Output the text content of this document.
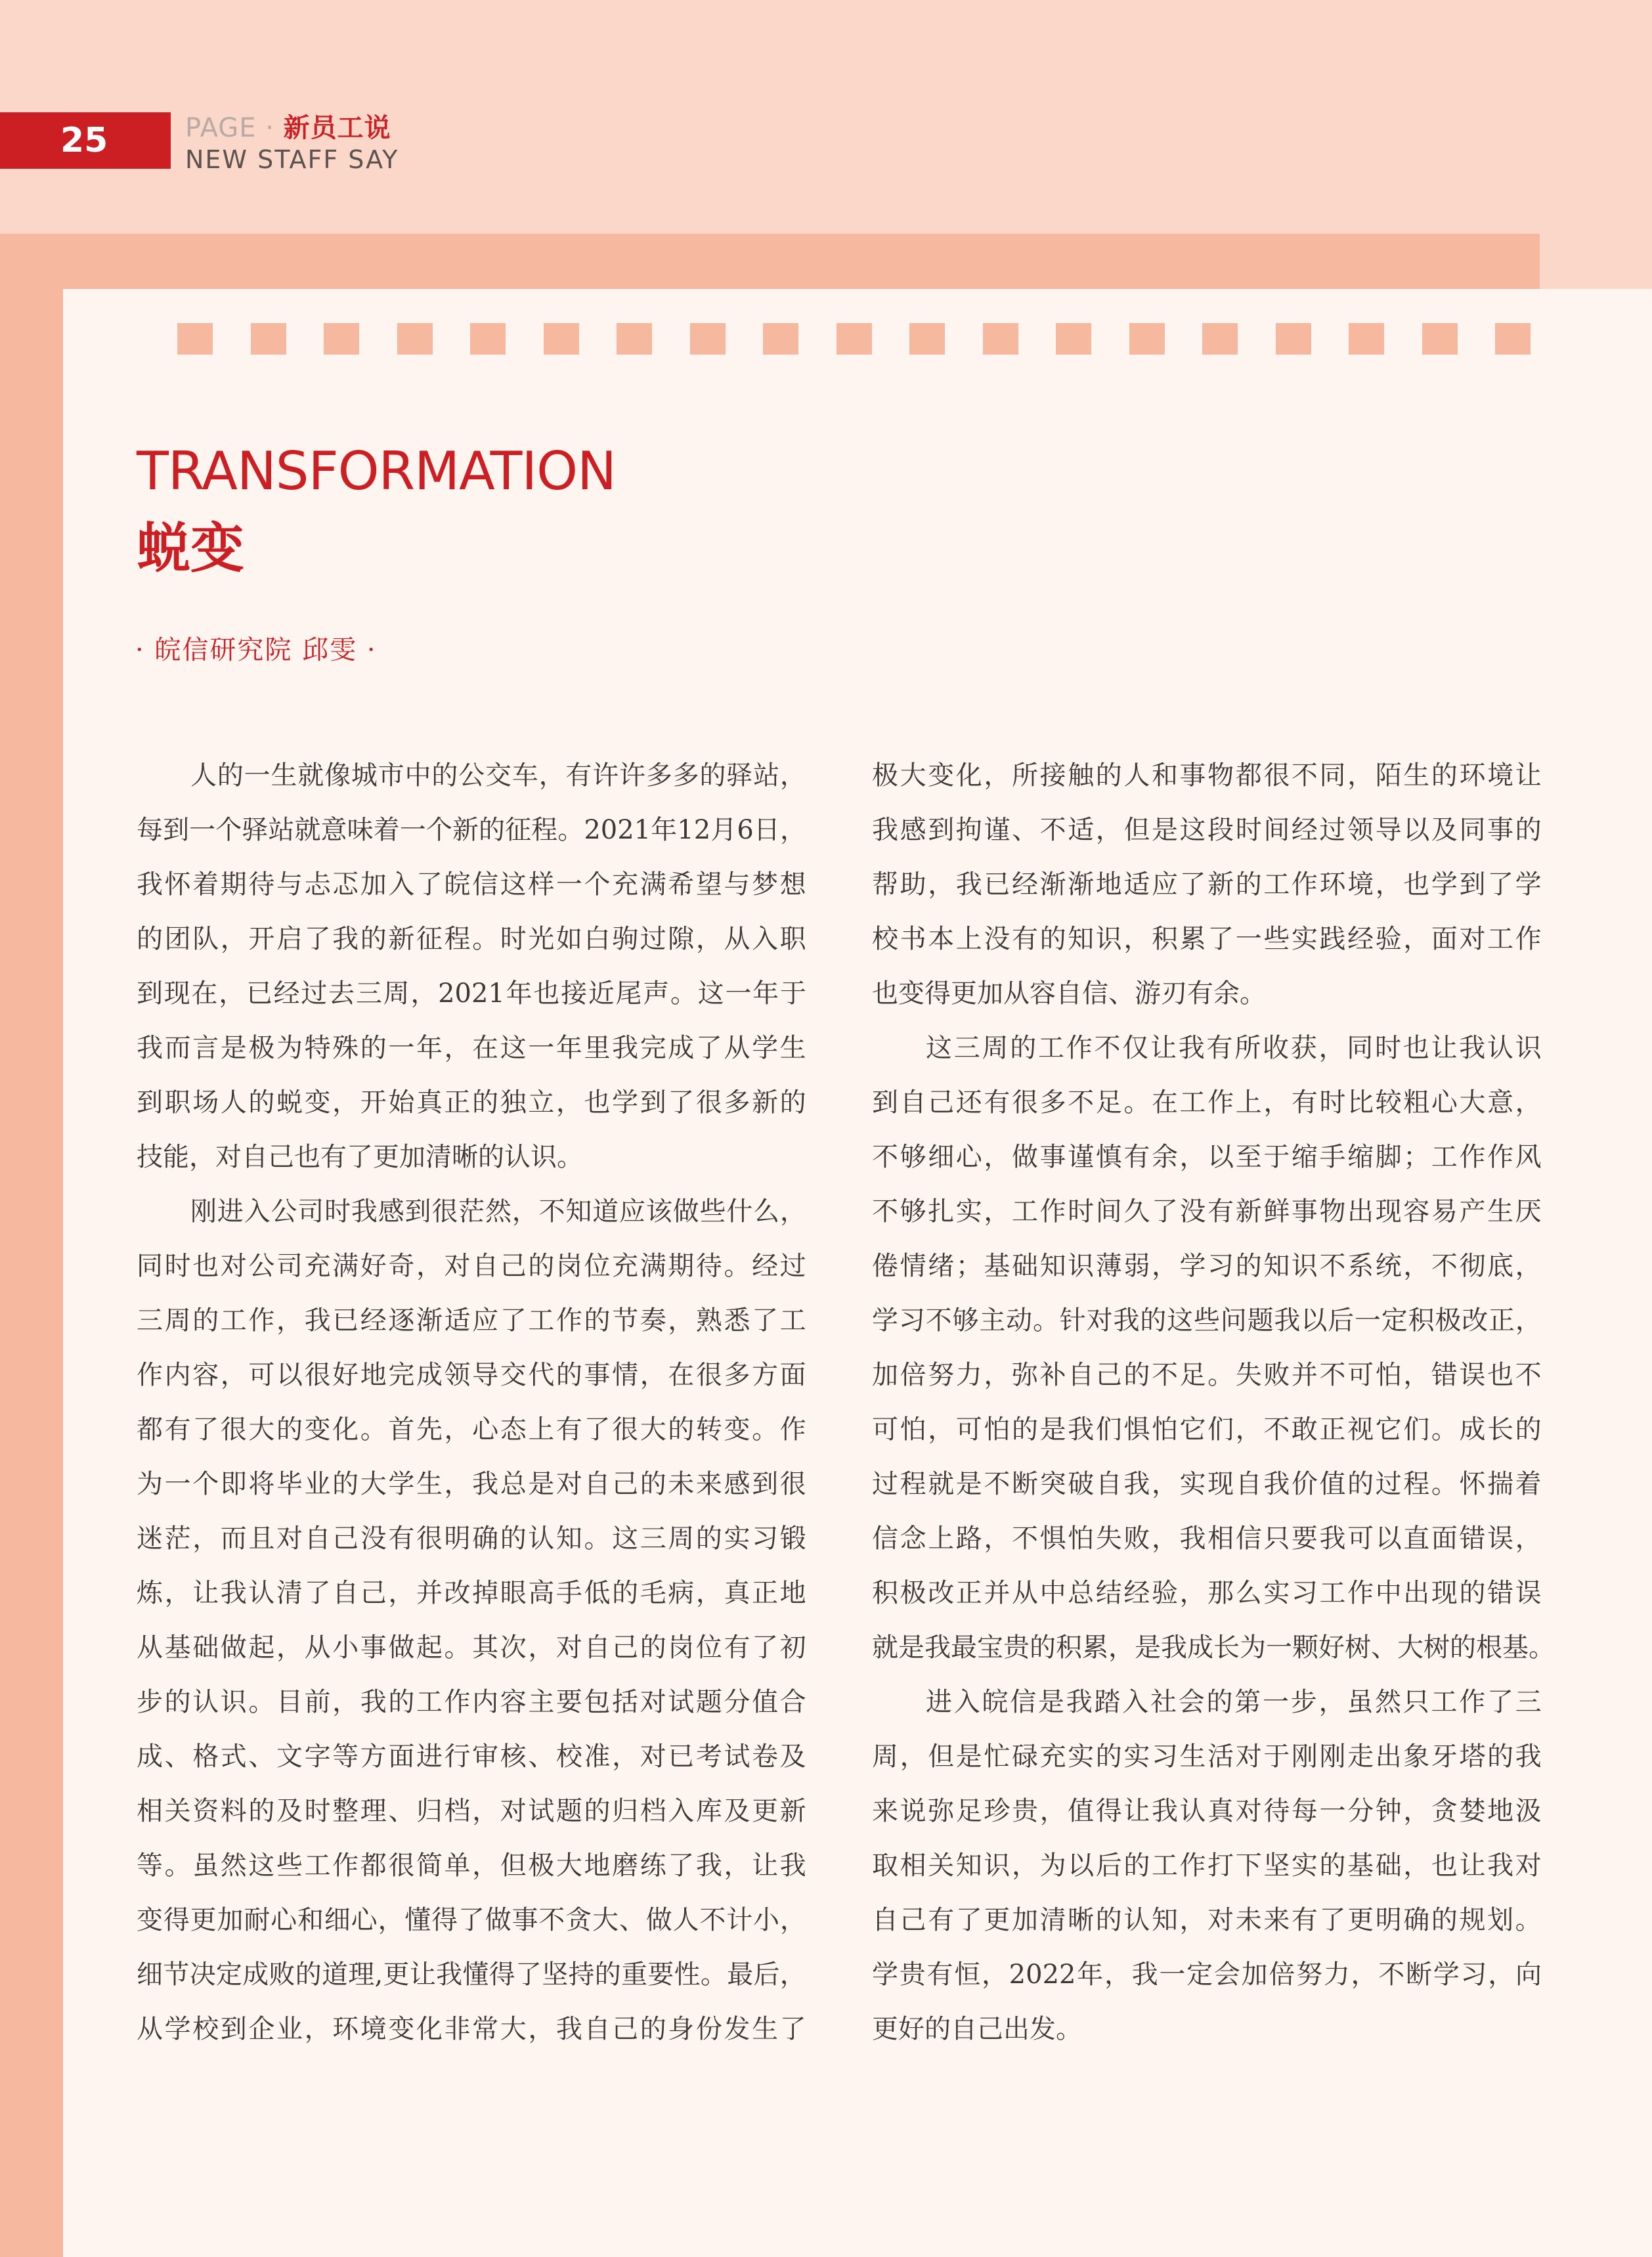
25	PAGE · 新员工说
NEW STAFF SAY
TRANSFORMATION
蜕变
· 皖信研究院 邱雯 ·
人 的 一 生 就 像 城 市 中 的 公 交 车 ， 有 许 许 多 多 的 驿 站 ，
每 到 一 个 驿 站 就 意 味 着 一 个 新 的 征 程 。 2021 年 12 月 6 日 ，
我 怀 着 期 待 与 忐 忑 加 入 了 皖 信 这 样 一 个 充 满 希 望 与 梦 想
的 团 队 ， 开 启 了 我 的 新 征 程 。 时 光 如 白 驹 过 隙 ， 从 入 职
到 现 在 ， 已 经 过 去 三 周 ， 2021 年 也 接 近 尾 声 。 这 一 年 于
我 而 言 是 极 为 特 殊 的 一 年 ， 在 这 一 年 里 我 完 成 了 从 学 生
到 职 场 人 的 蜕 变 ， 开 始 真 正 的 独 立 ， 也 学 到 了 很 多 新 的
技能，对自己也有了更加清晰的认识。
刚 进 入 公 司 时 我 感 到 很 茫 然 ， 不 知 道 应 该 做 些 什 么 ，
同 时 也 对 公 司 充 满 好 奇 ， 对 自 己 的 岗 位 充 满 期 待 。 经 过
三 周 的 工 作 ， 我 已 经 逐 渐 适 应 了 工 作 的 节 奏 ， 熟 悉 了 工
作 内 容 ， 可 以 很 好 地 完 成 领 导 交 代 的 事 情 ， 在 很 多 方 面
都 有 了 很 大 的 变 化 。 首 先 ， 心 态 上 有 了 很 大 的 转 变 。 作
为 一 个 即 将 毕 业 的 大 学 生 ， 我 总 是 对 自 己 的 未 来 感 到 很
迷 茫 ， 而 且 对 自 己 没 有 很 明 确 的 认 知 。 这 三 周 的 实 习 锻
炼 ， 让 我 认 清 了 自 己 ， 并 改 掉 眼 高 手 低 的 毛 病 ， 真 正 地
从 基 础 做 起 ， 从 小 事 做 起 。 其 次 ， 对 自 己 的 岗 位 有 了 初
步 的 认 识 。 目 前 ， 我 的 工 作 内 容 主 要 包 括 对 试 题 分 值 合
成 、 格 式 、 文 字 等 方 面 进 行 审 核 、 校 准 ， 对 已 考 试 卷 及
相 关 资 料 的 及 时 整 理 、 归 档 ， 对 试 题 的 归 档 入 库 及 更 新
等 。 虽 然 这 些 工 作 都 很 简 单 ， 但 极 大 地 磨 练 了 我 ， 让 我
变 得 更 加 耐 心 和 细 心 ， 懂 得 了 做 事 不 贪 大 、 做 人 不 计 小 ，
细 节 决 定 成 败 的 道 理 , 更 让 我 懂 得 了 坚 持 的 重 要 性 。 最 后 ，
从 学 校 到 企 业 ， 环 境 变 化 非 常 大 ， 我 自 己 的 身 份 发 生 了
极 大 变 化 ， 所 接 触 的 人 和 事 物 都 很 不 同 ， 陌 生 的 环 境 让
我 感 到 拘 谨 、 不 适 ， 但 是 这 段 时 间 经 过 领 导 以 及 同 事 的
帮 助 ， 我 已 经 渐 渐 地 适 应 了 新 的 工 作 环 境 ， 也 学 到 了 学
校 书 本 上 没 有 的 知 识 ， 积 累 了 一 些 实 践 经 验 ， 面 对 工 作
也变得更加从容自信、游刃有余。
这 三 周 的 工 作 不 仅 让 我 有 所 收 获 ， 同 时 也 让 我 认 识
到 自 己 还 有 很 多 不 足 。 在 工 作 上 ， 有 时 比 较 粗 心 大 意 ，
不 够 细 心 ， 做 事 谨 慎 有 余 ， 以 至 于 缩 手 缩 脚 ； 工 作 作 风
不 够 扎 实 ， 工 作 时 间 久 了 没 有 新 鲜 事 物 出 现 容 易 产 生 厌
倦 情 绪 ； 基 础 知 识 薄 弱 ， 学 习 的 知 识 不 系 统 ， 不 彻 底 ，
学 习 不 够 主 动 。 针 对 我 的 这 些 问 题 我 以 后 一 定 积 极 改 正 ，
加 倍 努 力 ， 弥 补 自 己 的 不 足 。 失 败 并 不 可 怕 ， 错 误 也 不
可 怕 ， 可 怕 的 是 我 们 惧 怕 它 们 ， 不 敢 正 视 它 们 。 成 长 的
过 程 就 是 不 断 突 破 自 我 ， 实 现 自 我 价 值 的 过 程 。 怀 揣 着
信 念 上 路 ， 不 惧 怕 失 败 ， 我 相 信 只 要 我 可 以 直 面 错 误 ，
积 极 改 正 并 从 中 总 结 经 验 ， 那 么 实 习 工 作 中 出 现 的 错 误
就 是 我 最 宝 贵 的 积 累 ， 是 我 成 长 为 一 颗 好 树 、 大 树 的 根 基 。
进 入 皖 信 是 我 踏 入 社 会 的 第 一 步 ， 虽 然 只 工 作 了 三
周 ， 但 是 忙 碌 充 实 的 实 习 生 活 对 于 刚 刚 走 出 象 牙 塔 的 我
来 说 弥 足 珍 贵 ， 值 得 让 我 认 真 对 待 每 一 分 钟 ， 贪 婪 地 汲
取 相 关 知 识 ， 为 以 后 的 工 作 打 下 坚 实 的 基 础 ， 也 让 我 对
自 己 有 了 更 加 清 晰 的 认 知 ， 对 未 来 有 了 更 明 确 的 规 划 。
学 贵 有 恒 ， 2022 年 ， 我 一 定 会 加 倍 努 力 ， 不 断 学 习 ， 向
更好的自己出发。
